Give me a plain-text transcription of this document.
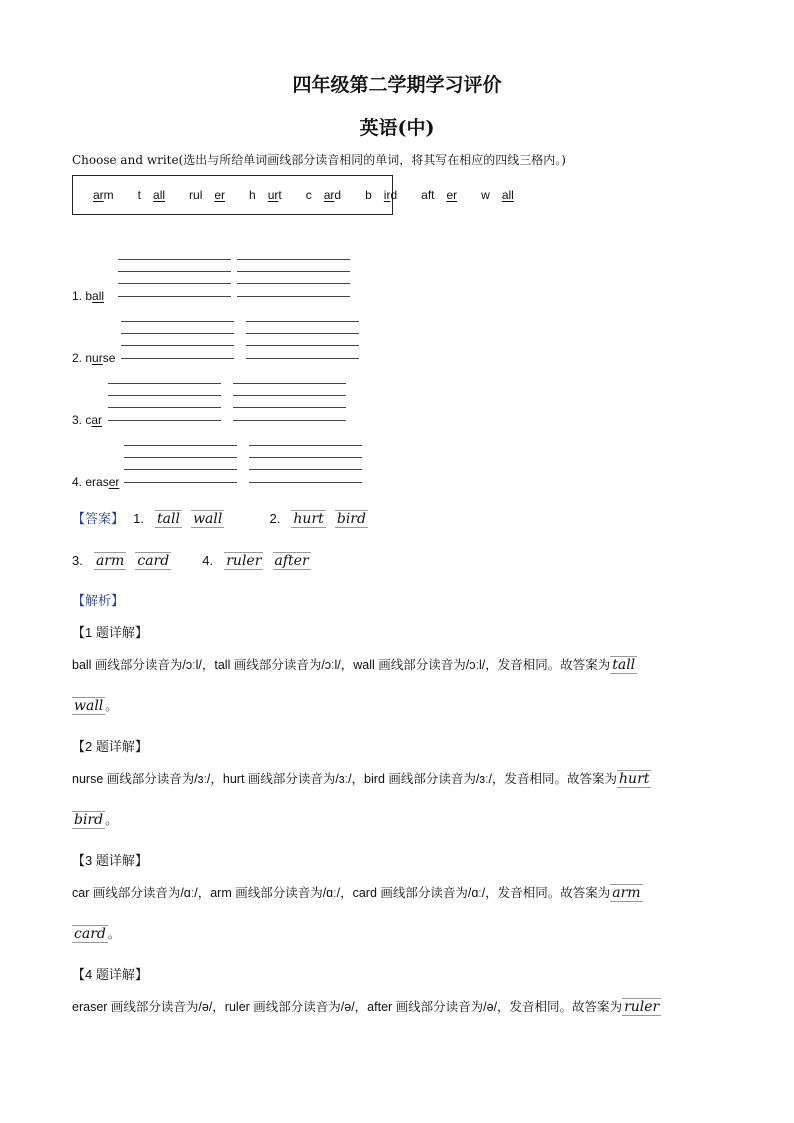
四年级第二学期学习评价
英语(中)
Choose and write(选出与所给单词画线部分读音相同的单词，将其写在相应的四线三格内。)
arm	t all	rul er	h urt	c ard	b ird	aft er	w all
1. ball
2. nurse
3. car
4. eraser
【答案】 1. tall wall	2. hurt bird
3. arm card	4. ruler after
【解析】
【1 题详解】
ball 画线部分读音为/ɔːl/，tall 画线部分读音为/ɔːl/，wall 画线部分读音为/ɔːl/，发音相同。故答案为 tall
wall 。
【2 题详解】
nurse 画线部分读音为/ɜː/，hurt 画线部分读音为/ɜː/，bird 画线部分读音为/ɜː/，发音相同。故答案为 hurt
bird 。
【3 题详解】
car 画线部分读音为/ɑː/，arm 画线部分读音为/ɑː/，card 画线部分读音为/ɑː/，发音相同。故答案为 arm
card 。
【4 题详解】
eraser 画线部分读音为/ə/，ruler 画线部分读音为/ə/，after 画线部分读音为/ə/，发音相同。故答案为 ruler
